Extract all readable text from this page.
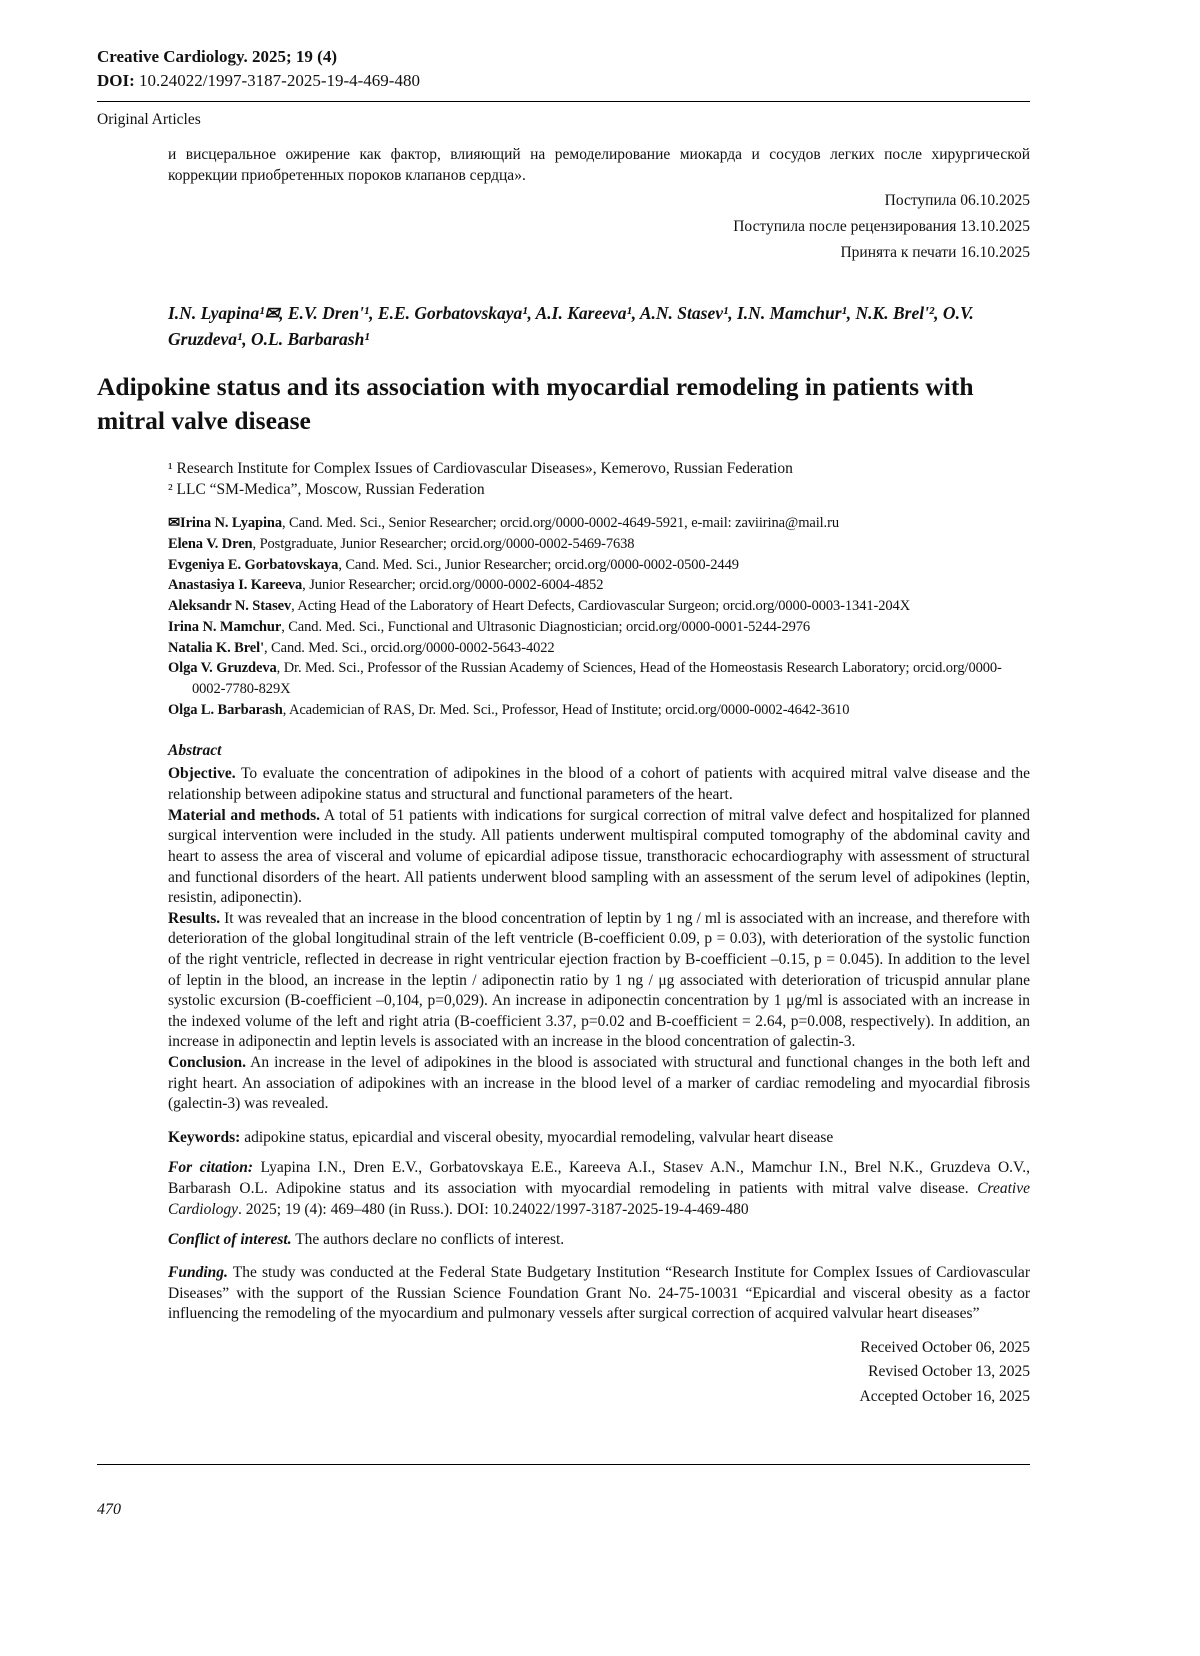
Creative Cardiology. 2025; 19 (4)
DOI: 10.24022/1997-3187-2025-19-4-469-480
Original Articles

и висцеральное ожирение как фактор, влияющий на ремоделирование миокарда и сосудов легких после хирургической коррекции приобретенных пороков клапанов сердца».

Поступила 06.10.2025
Поступила после рецензирования 13.10.2025
Принята к печати 16.10.2025

I.N. Lyapina¹✉, E.V. Dren'¹, E.E. Gorbatovskaya¹, A.I. Kareeva¹, A.N. Stasev¹, I.N. Mamchur¹, N.K. Brel'², O.V. Gruzdeva¹, O.L. Barbarash¹

Adipokine status and its association with myocardial remodeling in patients with mitral valve disease

¹ Research Institute for Complex Issues of Cardiovascular Diseases», Kemerovo, Russian Federation

² LLC “SM-Medica”, Moscow, Russian Federation

✉Irina N. Lyapina, Cand. Med. Sci., Senior Researcher; orcid.org/0000-0002-4649-5921, e-mail: zaviirina@mail.ru

Elena V. Dren, Postgraduate, Junior Researcher; orcid.org/0000-0002-5469-7638

Evgeniya E. Gorbatovskaya, Cand. Med. Sci., Junior Researcher; orcid.org/0000-0002-0500-2449

Anastasiya I. Kareeva, Junior Researcher; orcid.org/0000-0002-6004-4852

Aleksandr N. Stasev, Acting Head of the Laboratory of Heart Defects, Cardiovascular Surgeon; orcid.org/0000-0003-1341-204X

Irina N. Mamchur, Cand. Med. Sci., Functional and Ultrasonic Diagnostician; orcid.org/0000-0001-5244-2976

Natalia K. Brel', Cand. Med. Sci., orcid.org/0000-0002-5643-4022

Olga V. Gruzdeva, Dr. Med. Sci., Professor of the Russian Academy of Sciences, Head of the Homeostasis Research Laboratory; orcid.org/0000-0002-7780-829X

Olga L. Barbarash, Academician of RAS, Dr. Med. Sci., Professor, Head of Institute; orcid.org/0000-0002-4642-3610

Abstract

Objective. To evaluate the concentration of adipokines in the blood of a cohort of patients with acquired mitral valve disease and the relationship between adipokine status and structural and functional parameters of the heart.

Material and methods. A total of 51 patients with indications for surgical correction of mitral valve defect and hospitalized for planned surgical intervention were included in the study. All patients underwent multispiral computed tomography of the abdominal cavity and heart to assess the area of visceral and volume of epicardial adipose tissue, transthoracic echocardiography with assessment of structural and functional disorders of the heart. All patients underwent blood sampling with an assessment of the serum level of adipokines (leptin, resistin, adiponectin).

Results. It was revealed that an increase in the blood concentration of leptin by 1 ng / ml is associated with an increase, and therefore with deterioration of the global longitudinal strain of the left ventricle (B-coefficient 0.09, p = 0.03), with deterioration of the systolic function of the right ventricle, reflected in decrease in right ventricular ejection fraction by B-coefficient –0.15, p = 0.045). In addition to the level of leptin in the blood, an increase in the leptin / adiponectin ratio by 1 ng / μg associated with deterioration of tricuspid annular plane systolic excursion (B-coefficient –0,104, p=0,029). An increase in adiponectin concentration by 1 μg/ml is associated with an increase in the indexed volume of the left and right atria (B-coefficient 3.37, p=0.02 and B-coefficient = 2.64, p=0.008, respectively). In addition, an increase in adiponectin and leptin levels is associated with an increase in the blood concentration of galectin-3.

Conclusion. An increase in the level of adipokines in the blood is associated with structural and functional changes in the both left and right heart. An association of adipokines with an increase in the blood level of a marker of cardiac remodeling and myocardial fibrosis (galectin-3) was revealed.

Keywords: adipokine status, epicardial and visceral obesity, myocardial remodeling, valvular heart disease

For citation: Lyapina I.N., Dren E.V., Gorbatovskaya E.E., Kareeva A.I., Stasev A.N., Mamchur I.N., Brel N.K., Gruzdeva O.V., Barbarash O.L. Adipokine status and its association with myocardial remodeling in patients with mitral valve disease. Creative Cardiology. 2025; 19 (4): 469–480 (in Russ.). DOI: 10.24022/1997-3187-2025-19-4-469-480

Conflict of interest. The authors declare no conflicts of interest.

Funding. The study was conducted at the Federal State Budgetary Institution “Research Institute for Complex Issues of Cardiovascular Diseases” with the support of the Russian Science Foundation Grant No. 24-75-10031 “Epicardial and visceral obesity as a factor influencing the remodeling of the myocardium and pulmonary vessels after surgical correction of acquired valvular heart diseases”

Received October 06, 2025
Revised October 13, 2025
Accepted October 16, 2025
470
